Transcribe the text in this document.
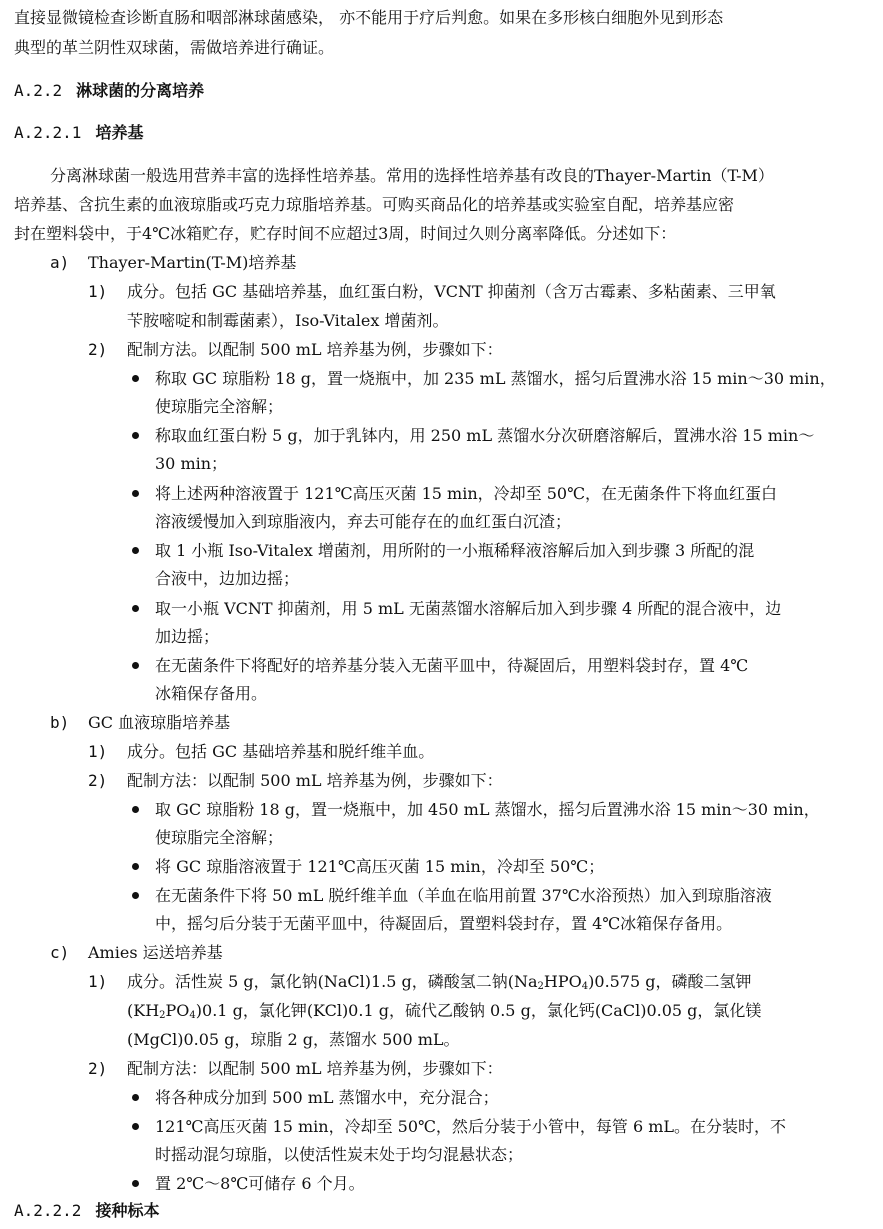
直接显微镜检查诊断直肠和咽部淋球菌感染， 亦不能用于疗后判愈。如果在多形核白细胞外见到形态
典型的革兰阴性双球菌，需做培养进行确证。
A.2.2 淋球菌的分离培养
A.2.2.1 培养基
分离淋球菌一般选用营养丰富的选择性培养基。常用的选择性培养基有改良的Thayer-Martin（T-M）
培养基、含抗生素的血液琼脂或巧克力琼脂培养基。可购买商品化的培养基或实验室自配，培养基应密
封在塑料袋中，于4℃冰箱贮存，贮存时间不应超过3周，时间过久则分离率降低。分述如下：
a) Thayer-Martin(T-M)培养基
1) 成分。包括 GC 基础培养基，血红蛋白粉，VCNT 抑菌剂（含万古霉素、多粘菌素、三甲氧
苄胺嘧啶和制霉菌素），Iso-Vitalex 增菌剂。
2) 配制方法。以配制 500 mL 培养基为例，步骤如下：
称取 GC 琼脂粉 18 g，置一烧瓶中，加 235 mL 蒸馏水，摇匀后置沸水浴 15 min～30 min，
使琼脂完全溶解；
称取血红蛋白粉 5 g，加于乳钵内，用 250 mL 蒸馏水分次研磨溶解后，置沸水浴 15 min～
30 min；
将上述两种溶液置于 121℃高压灭菌 15 min，冷却至 50℃，在无菌条件下将血红蛋白
溶液缓慢加入到琼脂液内，弃去可能存在的血红蛋白沉渣；
取 1 小瓶 Iso-Vitalex 增菌剂，用所附的一小瓶稀释液溶解后加入到步骤 3 所配的混
合液中，边加边摇；
取一小瓶 VCNT 抑菌剂，用 5 mL 无菌蒸馏水溶解后加入到步骤 4 所配的混合液中，边
加边摇；
在无菌条件下将配好的培养基分装入无菌平皿中，待凝固后，用塑料袋封存，置 4℃
冰箱保存备用。
b) GC 血液琼脂培养基
1) 成分。包括 GC 基础培养基和脱纤维羊血。
2) 配制方法：以配制 500 mL 培养基为例，步骤如下：
取 GC 琼脂粉 18 g，置一烧瓶中，加 450 mL 蒸馏水，摇匀后置沸水浴 15 min～30 min，
使琼脂完全溶解；
将 GC 琼脂溶液置于 121℃高压灭菌 15 min，冷却至 50℃；
在无菌条件下将 50 mL 脱纤维羊血（羊血在临用前置 37℃水浴预热）加入到琼脂溶液
中，摇匀后分装于无菌平皿中，待凝固后，置塑料袋封存，置 4℃冰箱保存备用。
c) Amies 运送培养基
1) 成分。活性炭 5 g，氯化钠(NaCl)1.5 g，磷酸氢二钠$(Na_2HPO_4)0.575$ g，磷酸二氢钾
$(KH_2PO_4)0.1$ g，氯化钾(KCl)0.1 g，硫代乙酸钠 0.5 g，氯化钙(CaCl)0.05 g，氯化镁
(MgCl)0.05 g，琼脂 2 g，蒸馏水 500 mL。
2) 配制方法：以配制 500 mL 培养基为例，步骤如下：
将各种成分加到 500 mL 蒸馏水中，充分混合；
121℃高压灭菌 15 min，冷却至 50℃，然后分装于小管中，每管 6 mL。在分装时，不
时摇动混匀琼脂，以使活性炭末处于均匀混悬状态；
置 2℃～8℃可储存 6 个月。
A.2.2.2 接种标本
